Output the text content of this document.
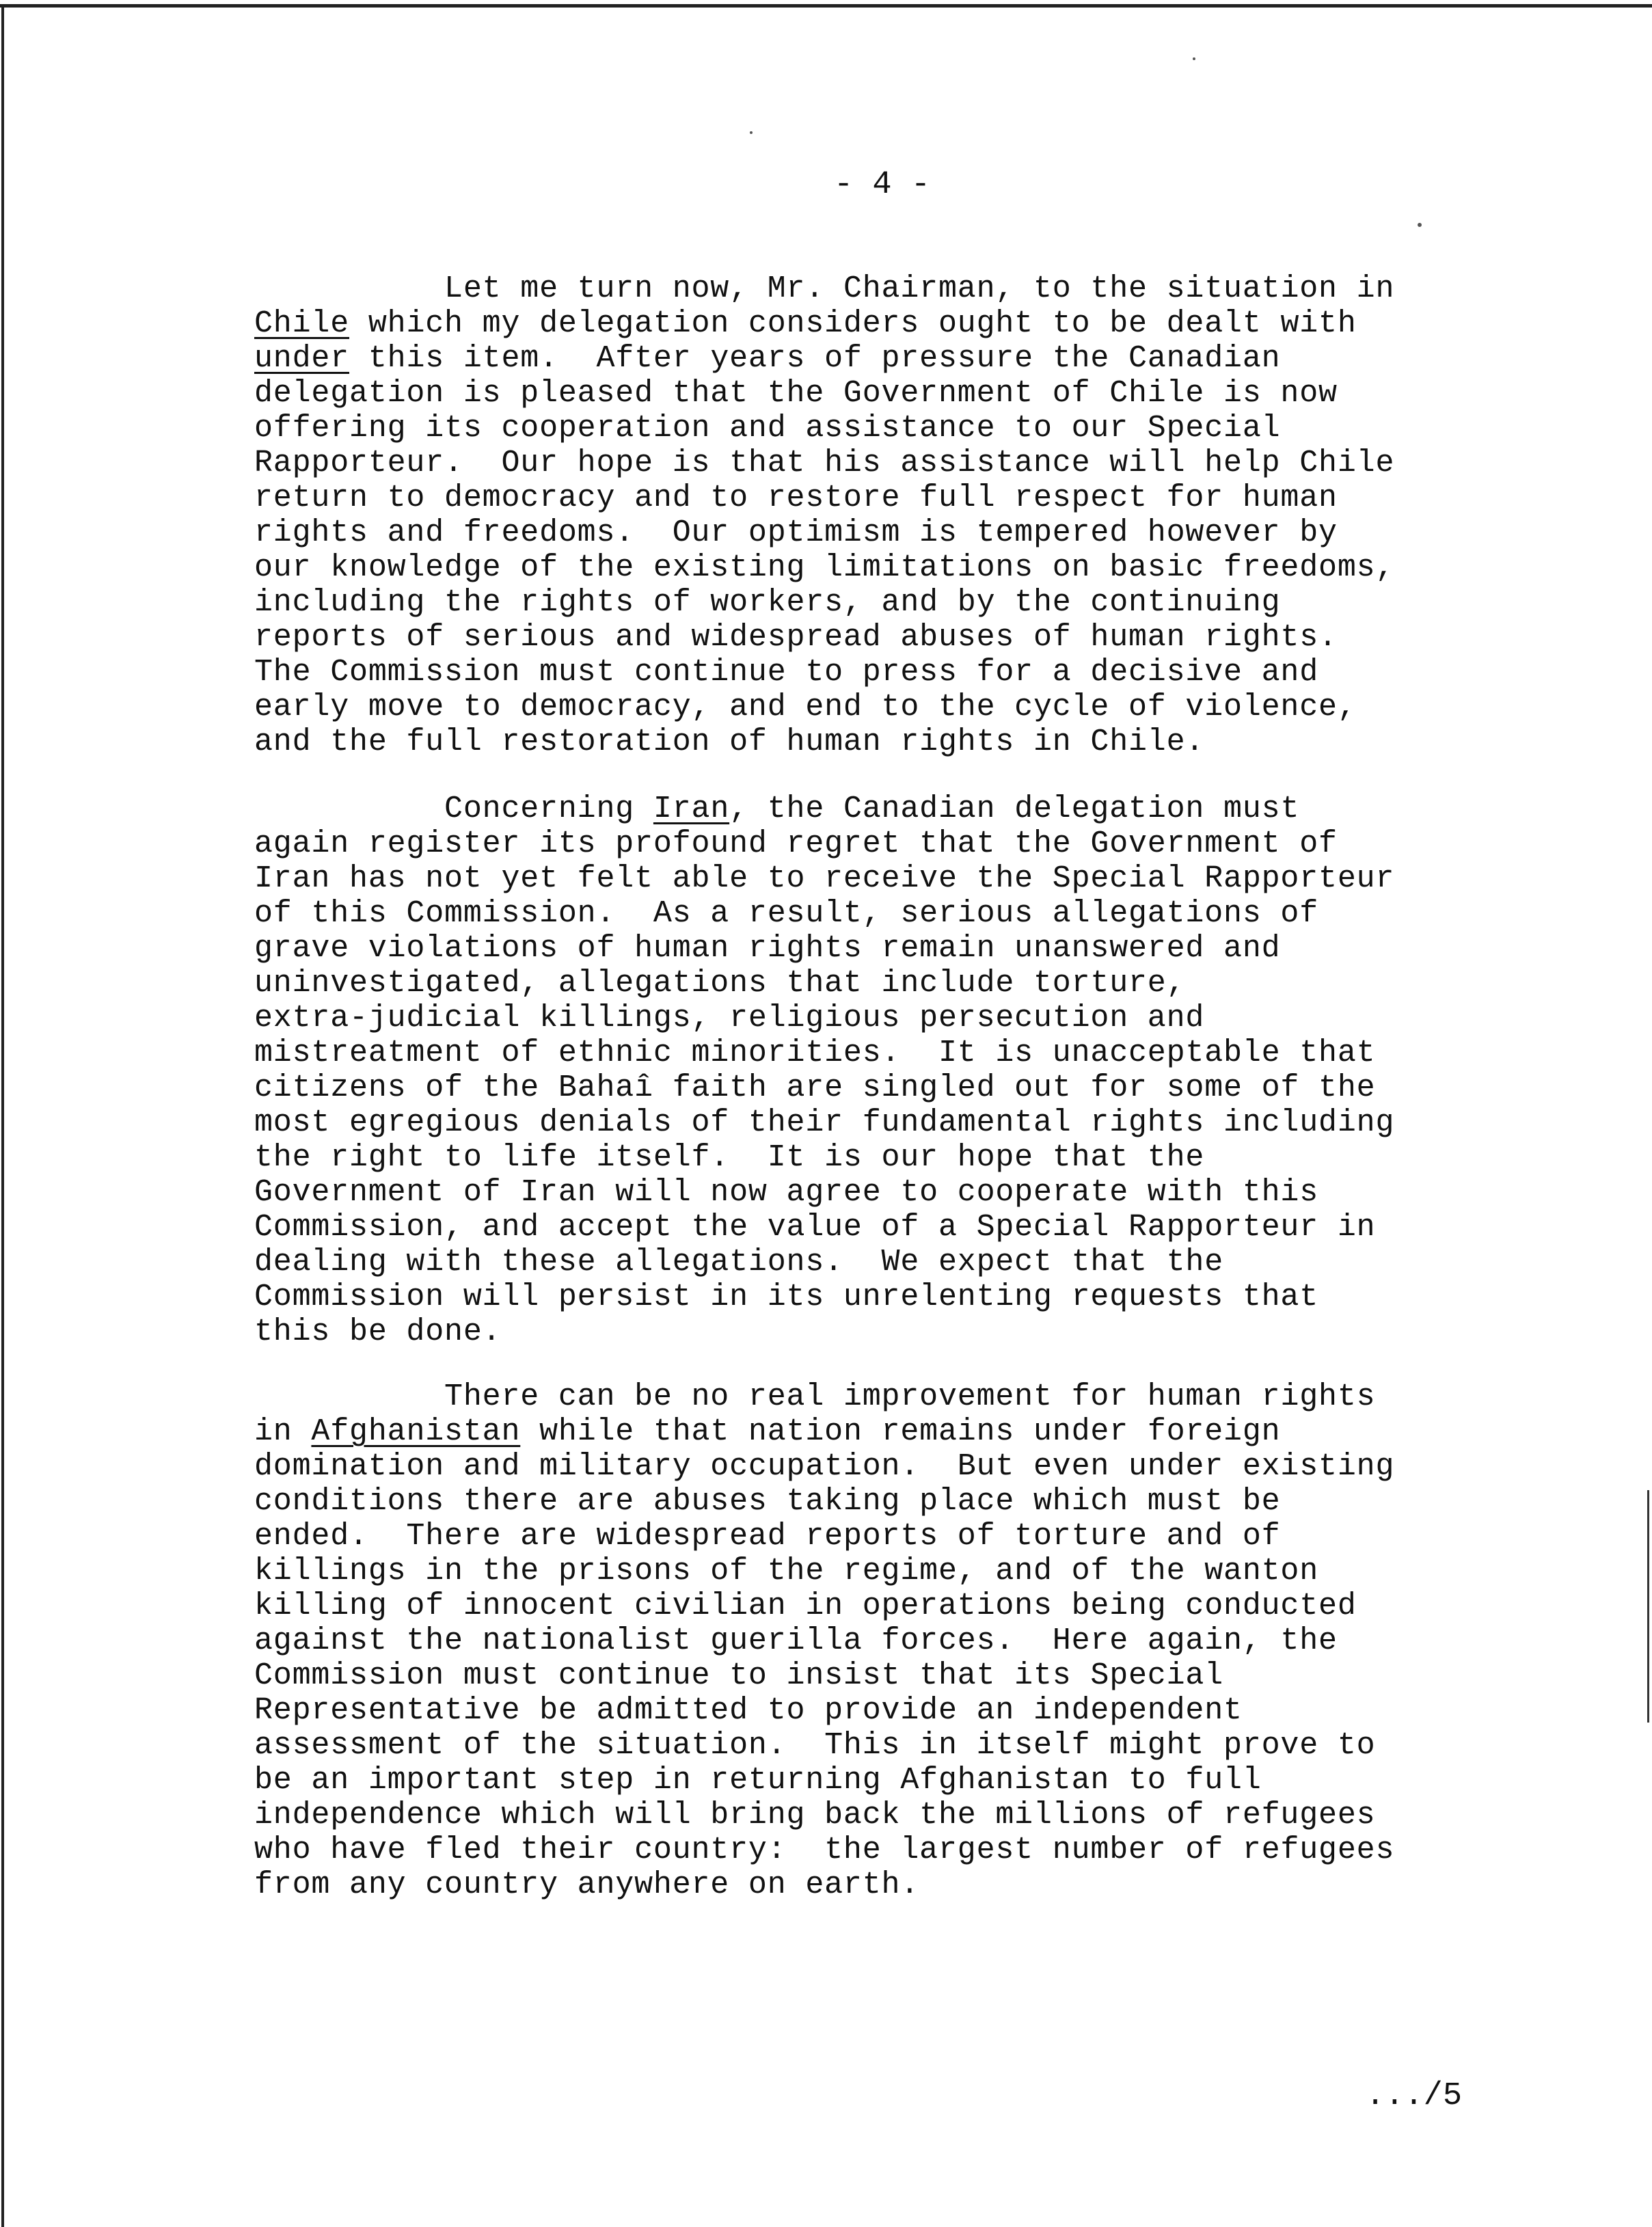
- 4 -
Let me turn now, Mr. Chairman, to the situation in
Chile which my delegation considers ought to be dealt with
under this item.  After years of pressure the Canadian
delegation is pleased that the Government of Chile is now
offering its cooperation and assistance to our Special
Rapporteur.  Our hope is that his assistance will help Chile
return to democracy and to restore full respect for human
rights and freedoms.  Our optimism is tempered however by
our knowledge of the existing limitations on basic freedoms,
including the rights of workers, and by the continuing
reports of serious and widespread abuses of human rights.
The Commission must continue to press for a decisive and
early move to democracy, and end to the cycle of violence,
and the full restoration of human rights in Chile.
Concerning Iran, the Canadian delegation must
again register its profound regret that the Government of
Iran has not yet felt able to receive the Special Rapporteur
of this Commission.  As a result, serious allegations of
grave violations of human rights remain unanswered and
uninvestigated, allegations that include torture,
extra-judicial killings, religious persecution and
mistreatment of ethnic minorities.  It is unacceptable that
citizens of the Bahaî faith are singled out for some of the
most egregious denials of their fundamental rights including
the right to life itself.  It is our hope that the
Government of Iran will now agree to cooperate with this
Commission, and accept the value of a Special Rapporteur in
dealing with these allegations.  We expect that the
Commission will persist in its unrelenting requests that
this be done.
There can be no real improvement for human rights
in Afghanistan while that nation remains under foreign
domination and military occupation.  But even under existing
conditions there are abuses taking place which must be
ended.  There are widespread reports of torture and of
killings in the prisons of the regime, and of the wanton
killing of innocent civilian in operations being conducted
against the nationalist guerilla forces.  Here again, the
Commission must continue to insist that its Special
Representative be admitted to provide an independent
assessment of the situation.  This in itself might prove to
be an important step in returning Afghanistan to full
independence which will bring back the millions of refugees
who have fled their country:  the largest number of refugees
from any country anywhere on earth.
.../5
